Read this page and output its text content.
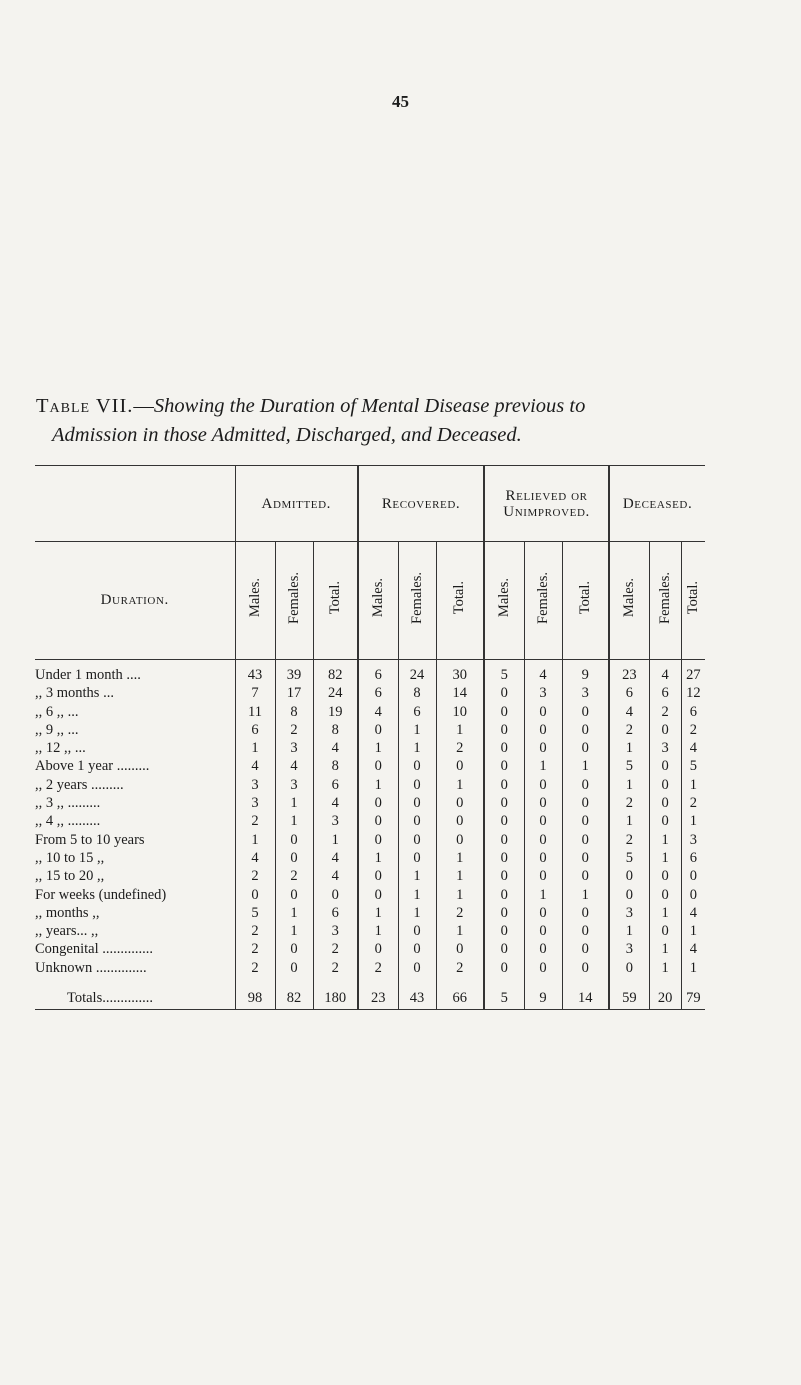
45
Table VII.—Showing the Duration of Mental Disease previous to
Admission in those Admitted, Discharged, and Deceased.
	Admitted.			Recovered.			Relieved or Unimproved.			Deceased.		
Duration.	Males.	Females.	Total.	Males.	Females.	Total.	Males.	Females.	Total.	Males.	Females.	Total.
Under 1 month ....	43	39	82	6	24	30	5	4	9	23	4	27
,, 3 months ...	7	17	24	6	8	14	0	3	3	6	6	12
,, 6 ,, ...	11	8	19	4	6	10	0	0	0	4	2	6
,, 9 ,, ...	6	2	8	0	1	1	0	0	0	2	0	2
,, 12 ,, ...	1	3	4	1	1	2	0	0	0	1	3	4
Above 1 year .........	4	4	8	0	0	0	0	1	1	5	0	5
,, 2 years .........	3	3	6	1	0	1	0	0	0	1	0	1
,, 3 ,, .........	3	1	4	0	0	0	0	0	0	2	0	2
,, 4 ,, .........	2	1	3	0	0	0	0	0	0	1	0	1
From 5 to 10 years	1	0	1	0	0	0	0	0	0	2	1	3
,, 10 to 15 ,,	4	0	4	1	0	1	0	0	0	5	1	6
,, 15 to 20 ,,	2	2	4	0	1	1	0	0	0	0	0	0
For weeks (undefined)	0	0	0	0	1	1	0	1	1	0	0	0
,, months ,,	5	1	6	1	1	2	0	0	0	3	1	4
,, years... ,,	2	1	3	1	0	1	0	0	0	1	0	1
Congenital ..............	2	0	2	0	0	0	0	0	0	3	1	4
Unknown ..............	2	0	2	2	0	2	0	0	0	0	1	1
Totals..............	98	82	180	23	43	66	5	9	14	59	20	79
